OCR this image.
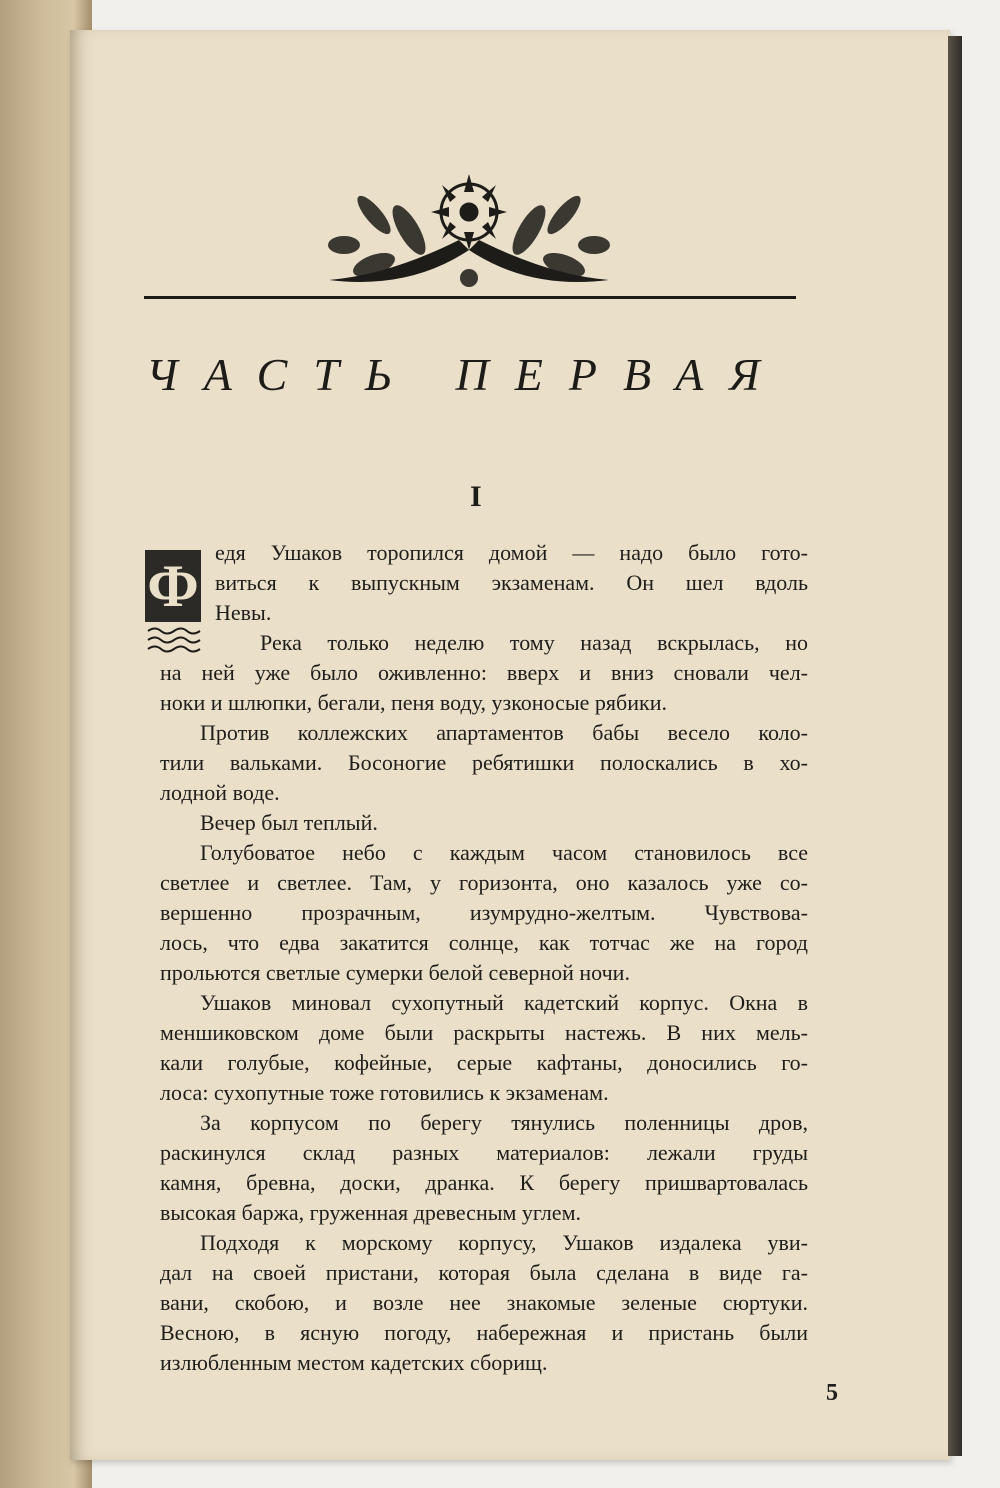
ЧАСТЬ ПЕРВАЯ
I
Ф
едя Ушаков торопился домой — надо было гото-
виться к выпускным экзаменам. Он шел вдоль
Невы.
Река только неделю тому назад вскрылась, но
на ней уже было оживленно: вверх и вниз сновали чел-
ноки и шлюпки, бегали, пеня воду, узконосые рябики.
Против коллежских апартаментов бабы весело коло-
тили вальками. Босоногие ребятишки полоскались в хо-
лодной воде.
Вечер был теплый.
Голубоватое небо с каждым часом становилось все
светлее и светлее. Там, у горизонта, оно казалось уже со-
вершенно прозрачным, изумрудно-желтым. Чувствова-
лось, что едва закатится солнце, как тотчас же на город
прольются светлые сумерки белой северной ночи.
Ушаков миновал сухопутный кадетский корпус. Окна в
меншиковском доме были раскрыты настежь. В них мель-
кали голубые, кофейные, серые кафтаны, доносились го-
лоса: сухопутные тоже готовились к экзаменам.
За корпусом по берегу тянулись поленницы дров,
раскинулся склад разных материалов: лежали груды
камня, бревна, доски, дранка. К берегу пришвартовалась
высокая баржа, груженная древесным углем.
Подходя к морскому корпусу, Ушаков издалека уви-
дал на своей пристани, которая была сделана в виде га-
вани, скобою, и возле нее знакомые зеленые сюртуки.
Весною, в ясную погоду, набережная и пристань были
излюбленным местом кадетских сборищ.
5
